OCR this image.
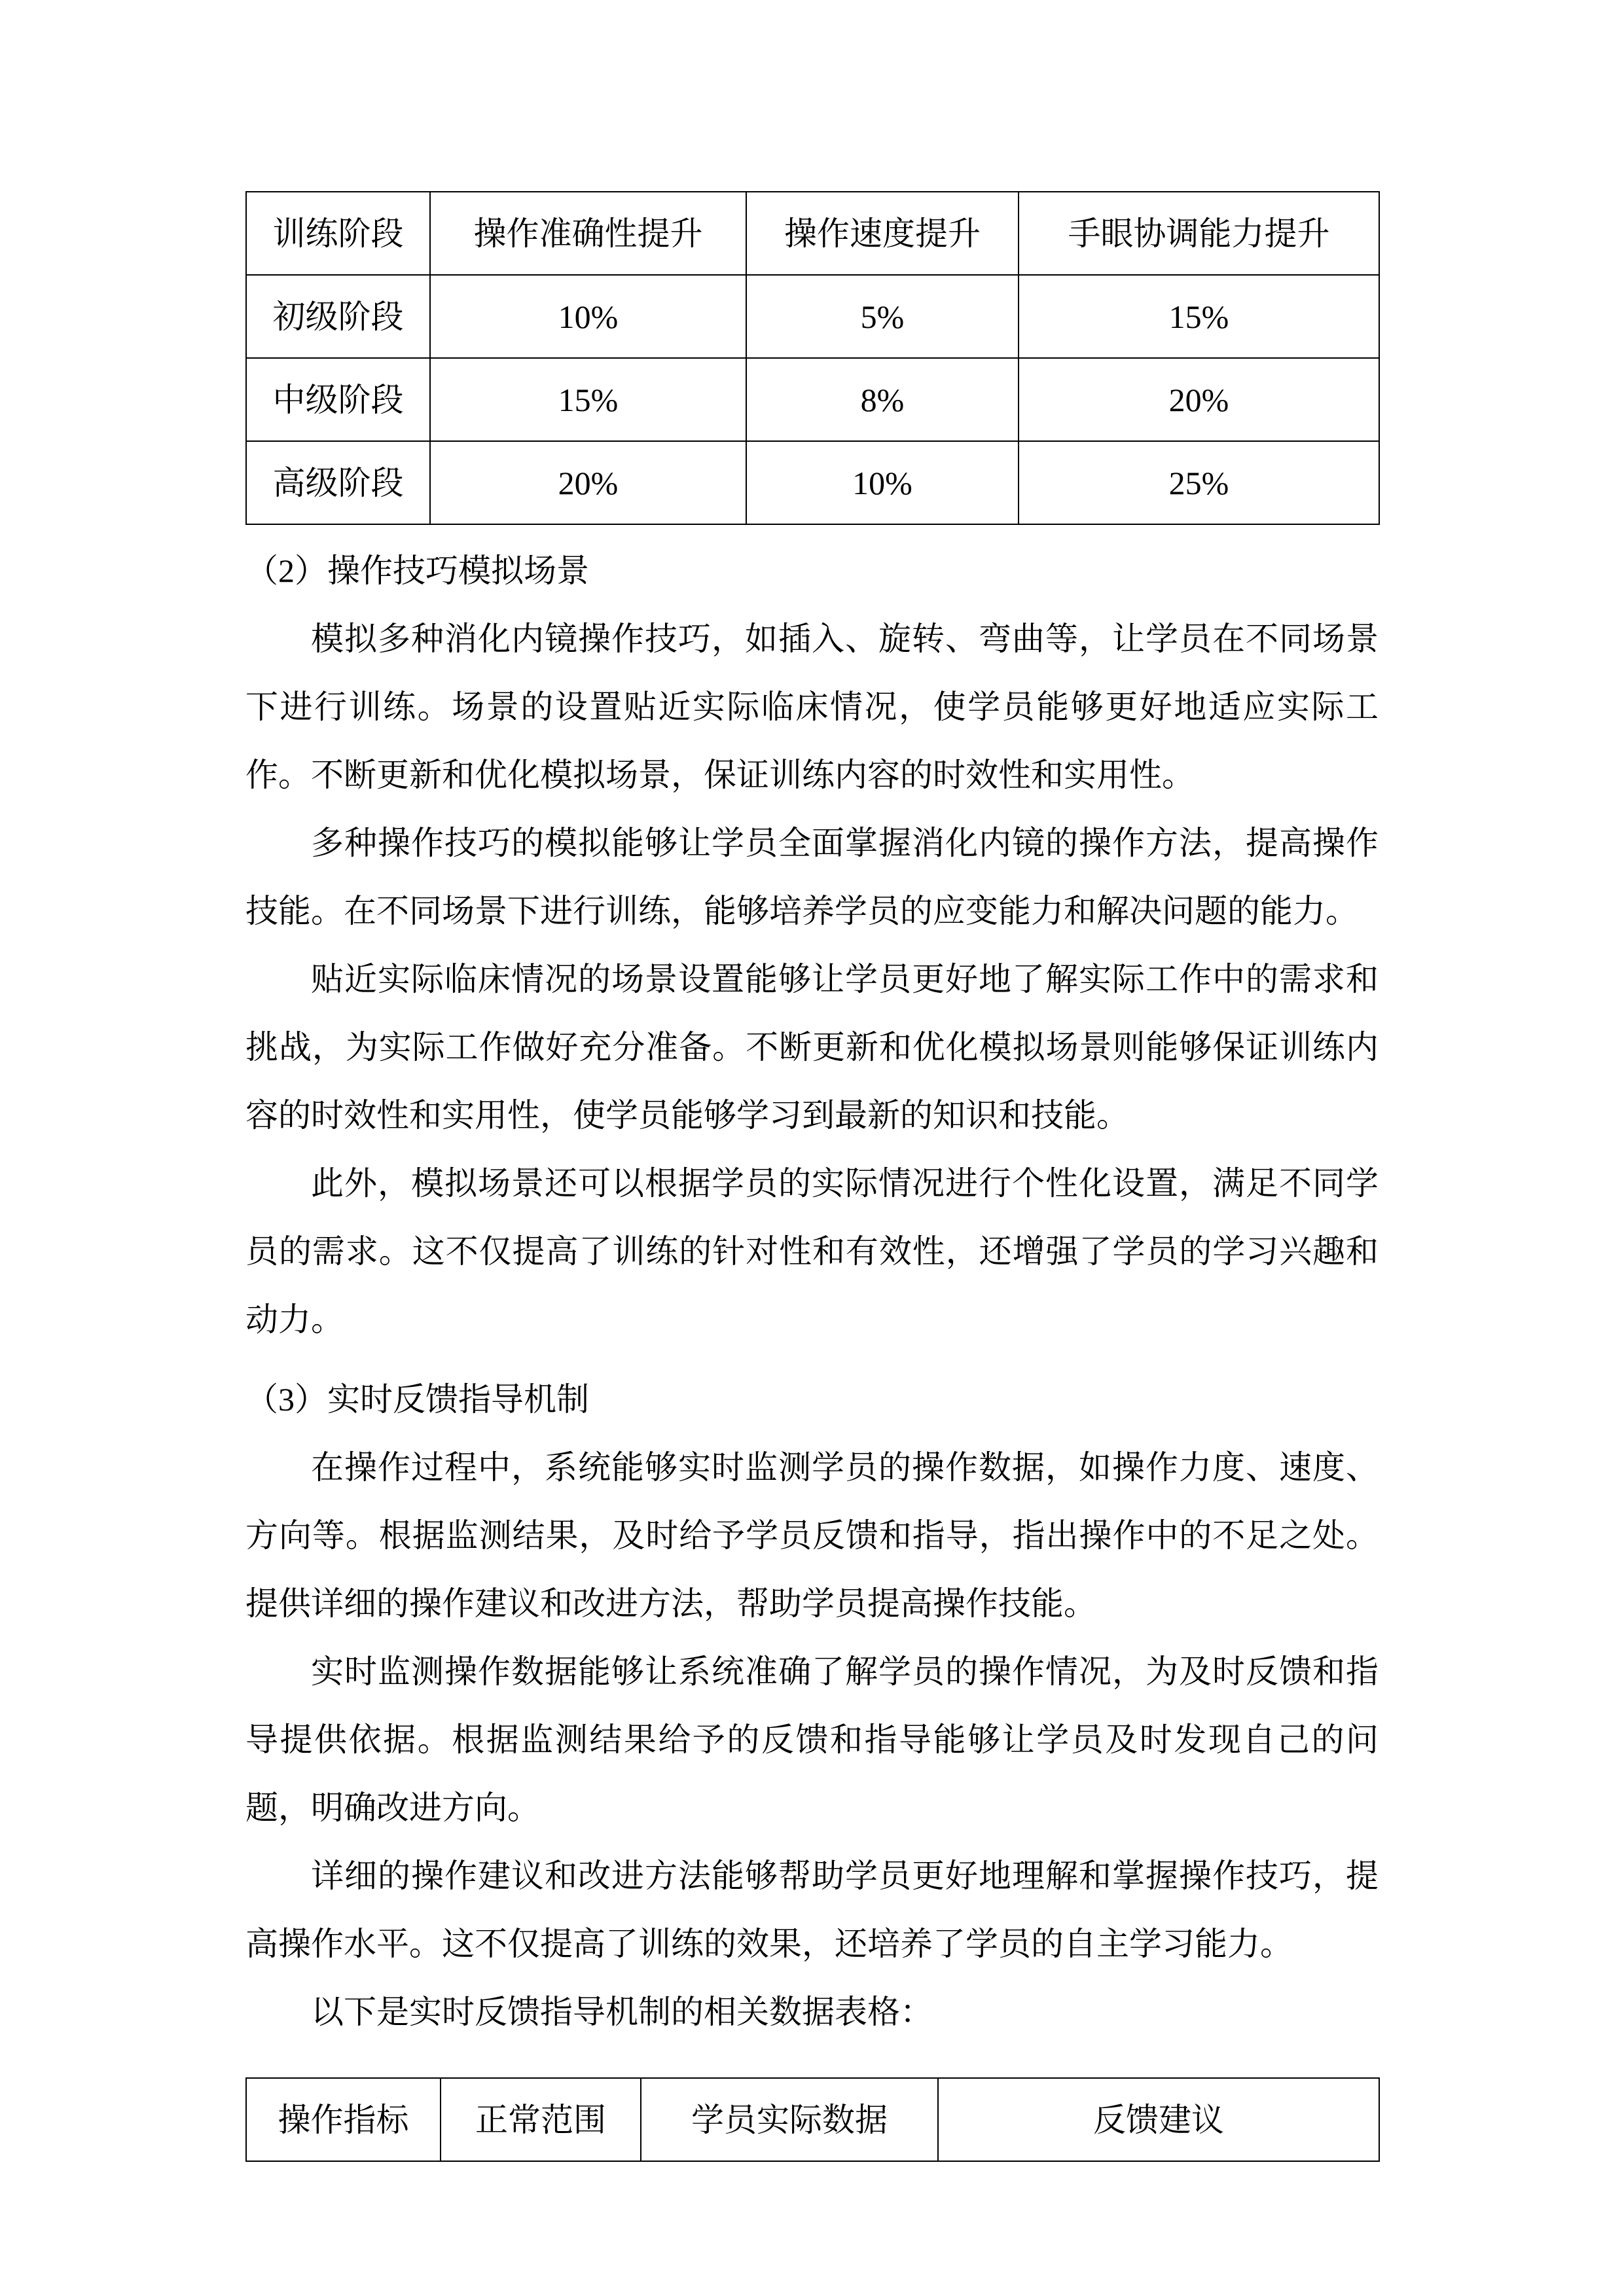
训练阶段	操作准确性提升	操作速度提升	手眼协调能力提升
初级阶段	10%	5%	15%
中级阶段	15%	8%	20%
高级阶段	20%	10%	25%

（2）操作技巧模拟场景

模拟多种消化内镜操作技巧，如插入、旋转、弯曲等，让学员在不同场景下进行训练。场景的设置贴近实际临床情况，使学员能够更好地适应实际工作。不断更新和优化模拟场景，保证训练内容的时效性和实用性。

多种操作技巧的模拟能够让学员全面掌握消化内镜的操作方法，提高操作技能。在不同场景下进行训练，能够培养学员的应变能力和解决问题的能力。

贴近实际临床情况的场景设置能够让学员更好地了解实际工作中的需求和挑战，为实际工作做好充分准备。不断更新和优化模拟场景则能够保证训练内容的时效性和实用性，使学员能够学习到最新的知识和技能。

此外，模拟场景还可以根据学员的实际情况进行个性化设置，满足不同学员的需求。这不仅提高了训练的针对性和有效性，还增强了学员的学习兴趣和动力。

（3）实时反馈指导机制

在操作过程中，系统能够实时监测学员的操作数据，如操作力度、速度、方向等。根据监测结果，及时给予学员反馈和指导，指出操作中的不足之处。提供详细的操作建议和改进方法，帮助学员提高操作技能。

实时监测操作数据能够让系统准确了解学员的操作情况，为及时反馈和指导提供依据。根据监测结果给予的反馈和指导能够让学员及时发现自己的问题，明确改进方向。

详细的操作建议和改进方法能够帮助学员更好地理解和掌握操作技巧，提高操作水平。这不仅提高了训练的效果，还培养了学员的自主学习能力。

以下是实时反馈指导机制的相关数据表格：

操作指标	正常范围	学员实际数据	反馈建议
